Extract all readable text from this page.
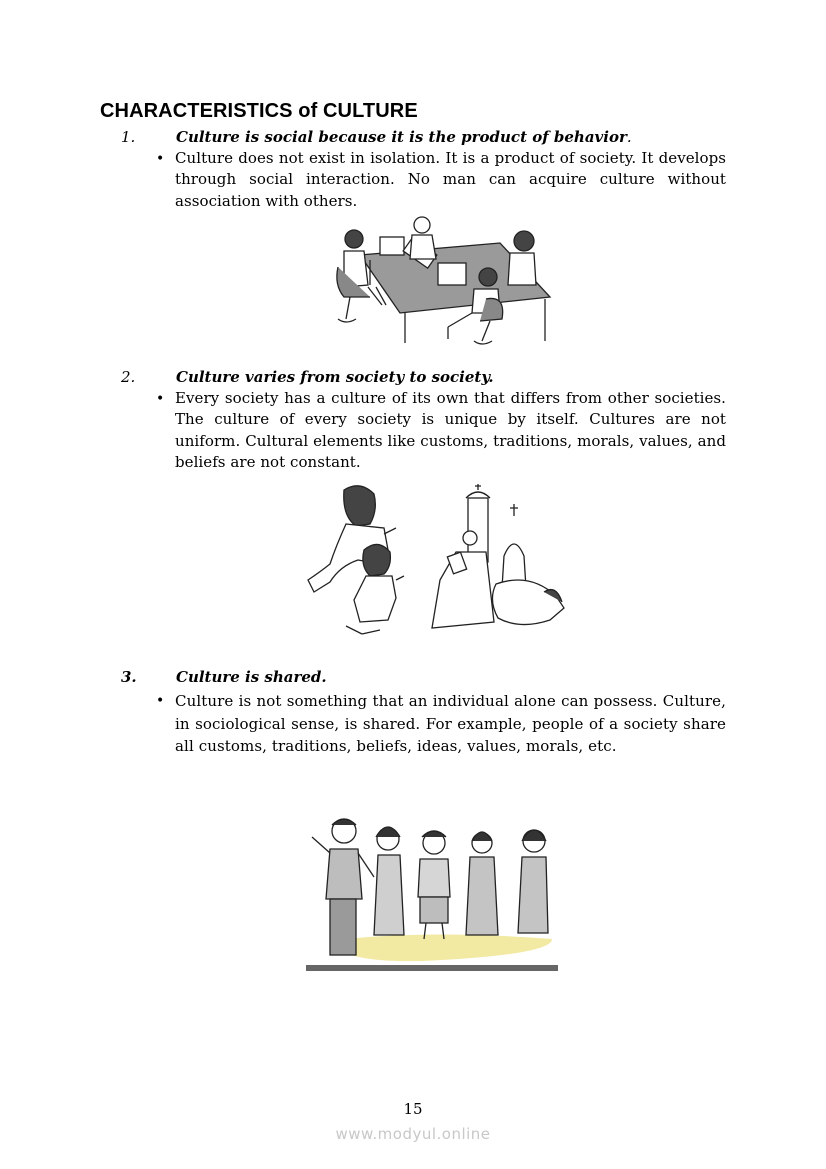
CHARACTERISTICS of CULTURE
1.	Culture is social because it is the product of behavior.
• Culture does not exist in isolation. It is a product of society. It develops through social interaction. No man can acquire culture without association with others.
2.	Culture varies from society to society.
• Every society has a culture of its own that differs from other societies. The culture of every society is unique by itself. Cultures are not uniform. Cultural elements like customs, traditions, morals, values, and beliefs are not constant.
3.	Culture is shared.
• Culture is not something that an individual alone can possess. Culture, in sociological sense, is shared. For example, people of a society share all customs, traditions, beliefs, ideas, values, morals, etc.
15
www.modyul.online
